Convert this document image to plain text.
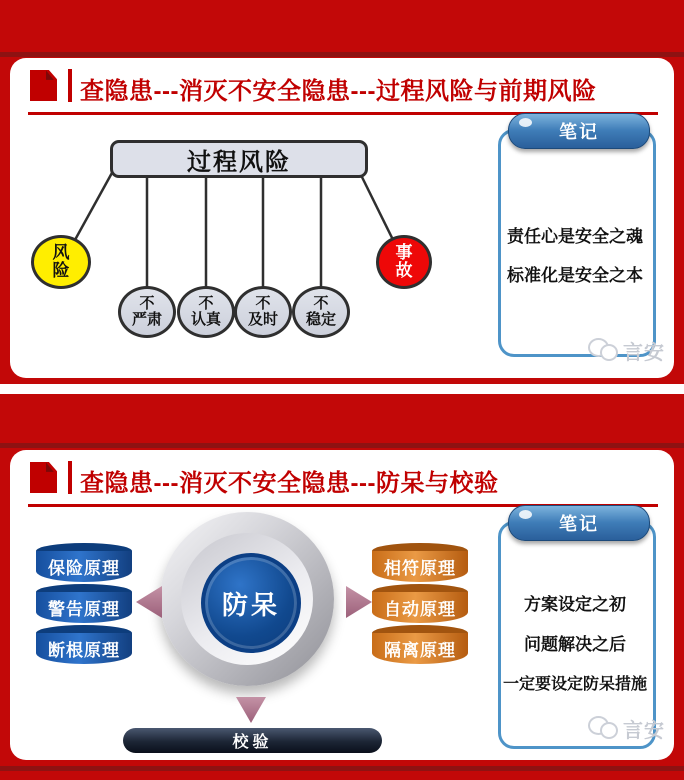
查隐患---消灭不安全隐患---过程风险与前期风险
过程风险
风
险
事
故
不
严肃
不
认真
不
及时
不
稳定
笔记
责任心是安全之魂
标准化是安全之本
言安
查隐患---消灭不安全隐患---防呆与校验
防呆
保险原理
警告原理
断根原理
相符原理
自动原理
隔离原理
校验
笔记
方案设定之初
问题解决之后
一定要设定防呆措施
言安
